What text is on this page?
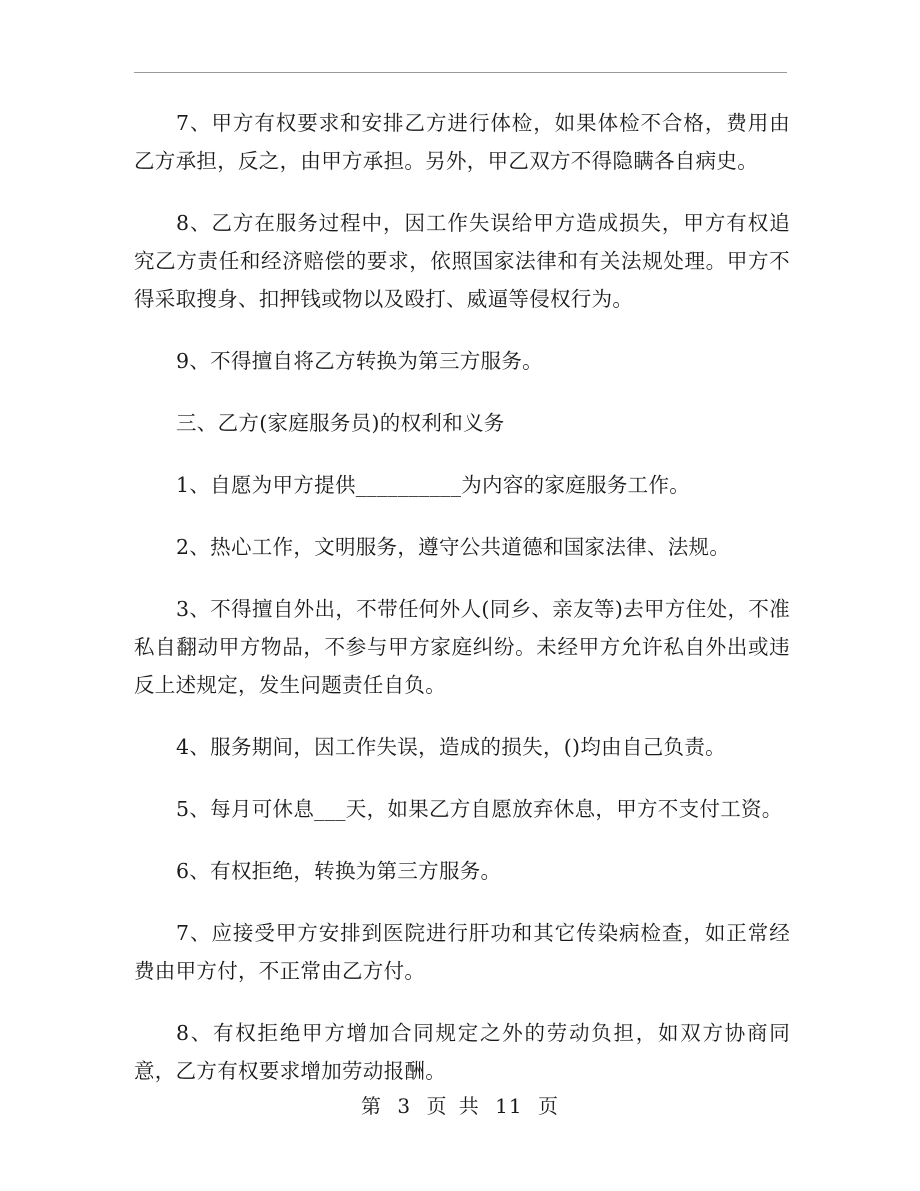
7、甲方有权要求和安排乙方进行体检，如果体检不合格，费用由乙方承担，反之，由甲方承担。另外，甲乙双方不得隐瞒各自病史。

8、乙方在服务过程中，因工作失误给甲方造成损失，甲方有权追究乙方责任和经济赔偿的要求，依照国家法律和有关法规处理。甲方不得采取搜身、扣押钱或物以及殴打、威逼等侵权行为。

9、不得擅自将乙方转换为第三方服务。

三、乙方(家庭服务员)的权利和义务

1、自愿为甲方提供__________为内容的家庭服务工作。

2、热心工作，文明服务，遵守公共道德和国家法律、法规。

3、不得擅自外出，不带任何外人(同乡、亲友等)去甲方住处，不准私自翻动甲方物品，不参与甲方家庭纠纷。未经甲方允许私自外出或违反上述规定，发生问题责任自负。

4、服务期间，因工作失误，造成的损失，()均由自己负责。

5、每月可休息___天，如果乙方自愿放弃休息，甲方不支付工资。

6、有权拒绝，转换为第三方服务。

7、应接受甲方安排到医院进行肝功和其它传染病检查，如正常经费由甲方付，不正常由乙方付。

8、有权拒绝甲方增加合同规定之外的劳动负担，如双方协商同意，乙方有权要求增加劳动报酬。

第 3 页 共 11 页
